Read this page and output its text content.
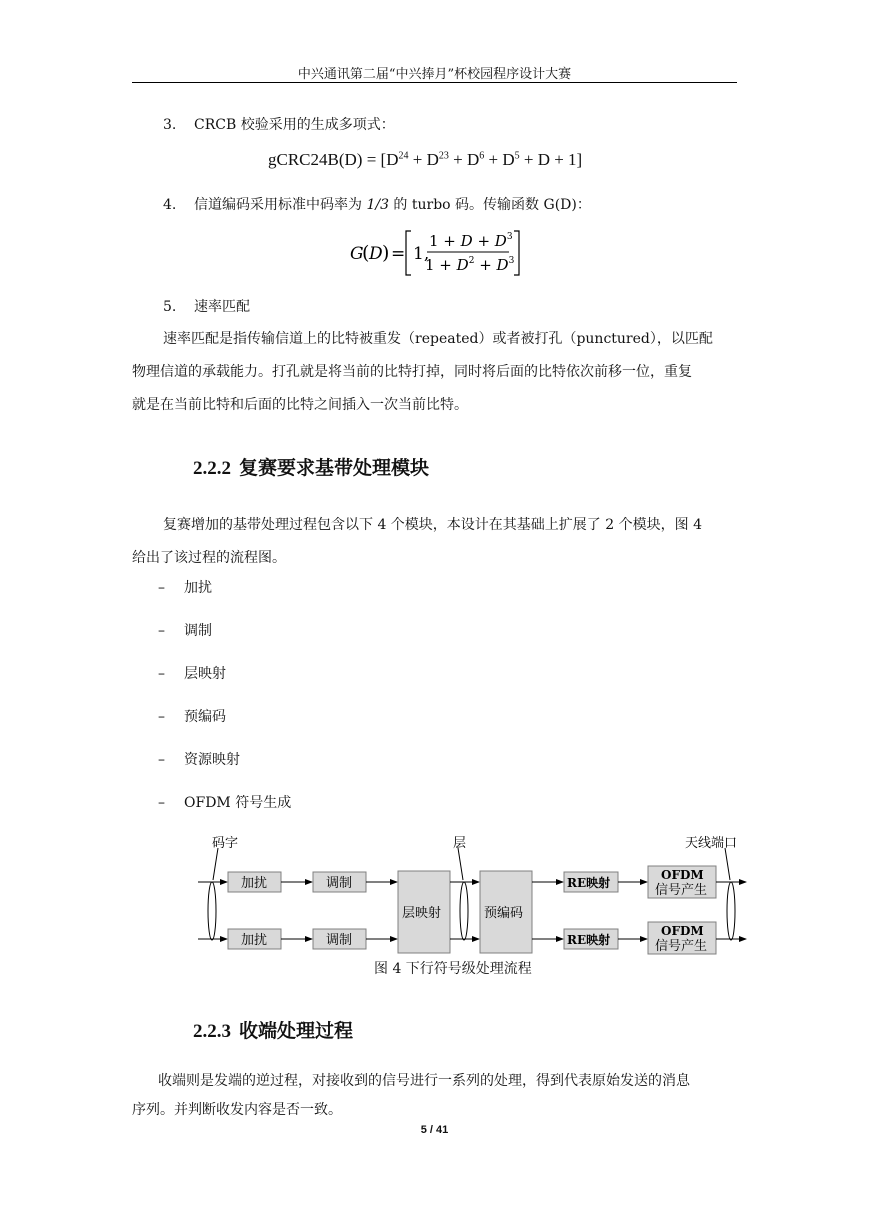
中兴通讯第二届“中兴捧月”杯校园程序设计大赛
3. CRCB 校验采用的生成多项式：
gCRC24B(D) = $[D^{24} + D^{23} + D^6 + D^5 + D + 1]$
4. 信道编码采用标准中码率为 1/3 的 turbo 码。传输函数 G(D)：
G
( D ) = 1,
$1 + D + D^3$
$1 + D^2 + D^3$
5. 速率匹配
速率匹配是指传输信道上的比特被重发（repeated）或者被打孔（punctured），以匹配
物理信道的承载能力。打孔就是将当前的比特打掉，同时将后面的比特依次前移一位，重复
就是在当前比特和后面的比特之间插入一次当前比特。
2.2.2 复赛要求基带处理模块
复赛增加的基带处理过程包含以下 4 个模块，本设计在其基础上扩展了 2 个模块，图 4
给出了该过程的流程图。
– 加扰
– 调制
– 层映射
– 预编码
– 资源映射
– OFDM 符号生成
码字	层	天线端口
加扰	调制
加扰	调制
层映射	预编码
RE映射
RE映射
OFDM
信号产生
OFDM
信号产生
图 4 下行符号级处理流程
2.2.3 收端处理过程
收端则是发端的逆过程，对接收到的信号进行一系列的处理，得到代表原始发送的消息
序列。并判断收发内容是否一致。
5 / 41
